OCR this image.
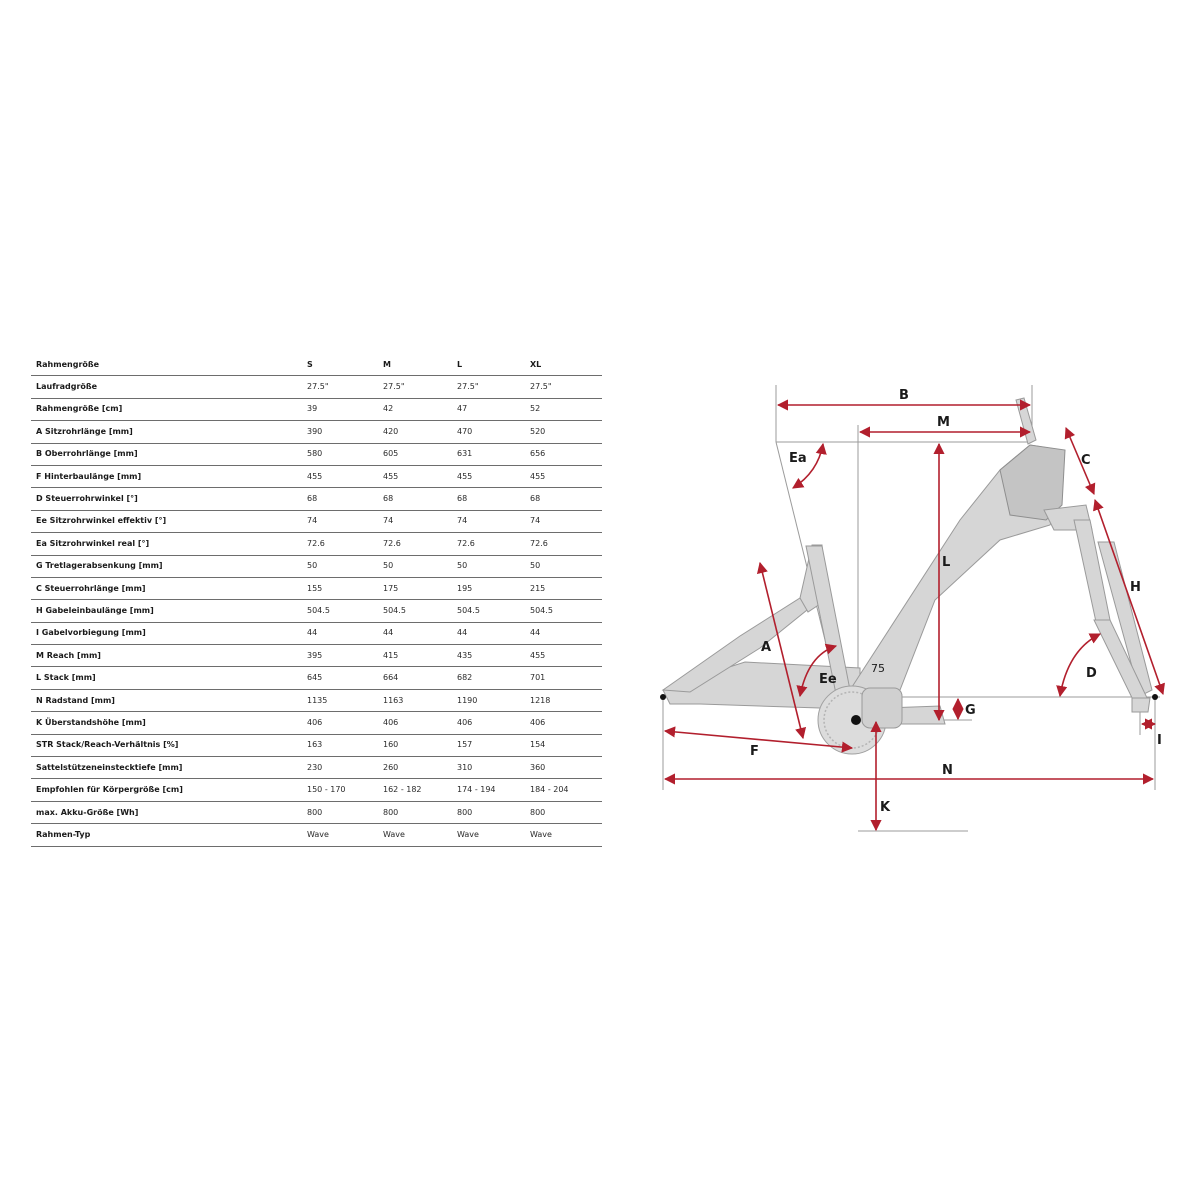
Rahmengröße	S	M	L	XL
Laufradgröße	27.5"	27.5"	27.5"	27.5"
Rahmengröße [cm]	39	42	47	52
A Sitzrohrlänge [mm]	390	420	470	520
B Oberrohrlänge [mm]	580	605	631	656
F Hinterbaulänge [mm]	455	455	455	455
D Steuerrohrwinkel [°]	68	68	68	68
Ee Sitzrohrwinkel effektiv [°]	74	74	74	74
Ea Sitzrohrwinkel real [°]	72.6	72.6	72.6	72.6
G Tretlagerabsenkung [mm]	50	50	50	50
C Steuerrohrlänge [mm]	155	175	195	215
H Gabeleinbaulänge [mm]	504.5	504.5	504.5	504.5
I Gabelvorbiegung [mm]	44	44	44	44
M Reach [mm]	395	415	435	455
L Stack [mm]	645	664	682	701
N Radstand [mm]	1135	1163	1190	1218
K Überstandshöhe [mm]	406	406	406	406
STR Stack/Reach-Verhältnis [%]	163	160	157	154
Sattelstützeneinstecktiefe [mm]	230	260	310	360
Empfohlen für Körpergröße [cm]	150 - 170	162 - 182	174 - 194	184 - 204
max. Akku-Größe [Wh]	800	800	800	800
Rahmen-Typ	Wave	Wave	Wave	Wave
B
M
C
Ea
L
H
A
D
75
Ee
G
I
F
N
K
